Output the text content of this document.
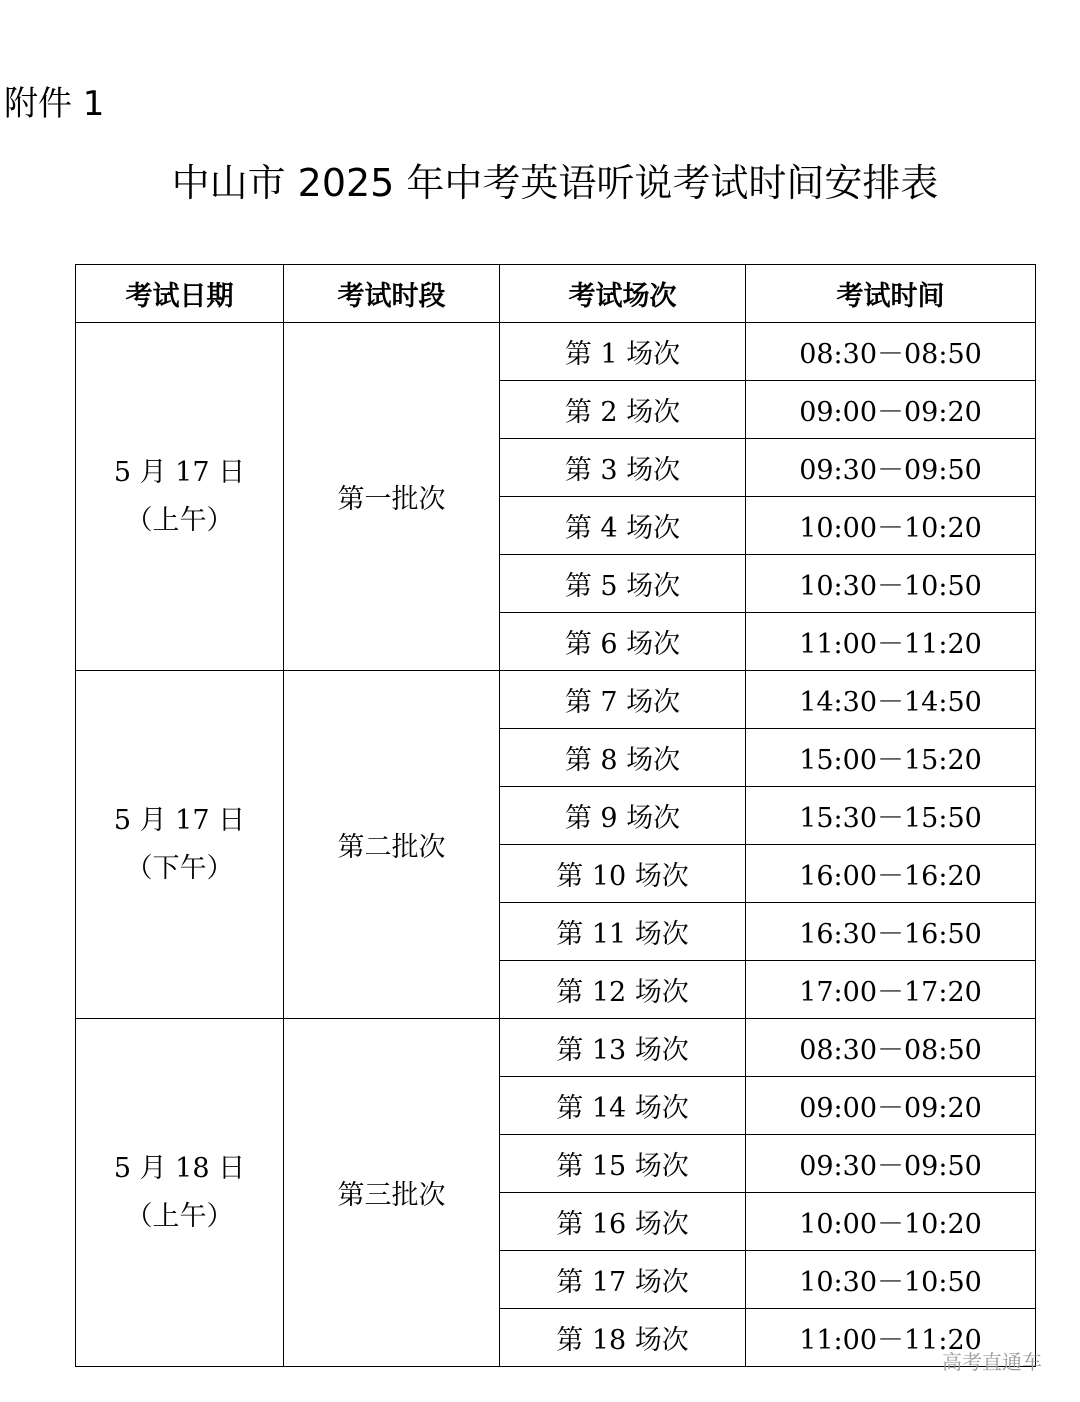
附件 1
中山市 2025 年中考英语听说考试时间安排表
考试日期	考试时段	考试场次	考试时间

5 月 17 日
（上午）	第一批次	第 1 场次	08:30－08:50
		第 2 场次	09:00－09:20
		第 3 场次	09:30－09:50
		第 4 场次	10:00－10:20
		第 5 场次	10:30－10:50
		第 6 场次	11:00－11:20

5 月 17 日
（下午）	第二批次	第 7 场次	14:30－14:50
		第 8 场次	15:00－15:20
		第 9 场次	15:30－15:50
		第 10 场次	16:00－16:20
		第 11 场次	16:30－16:50
		第 12 场次	17:00－17:20

5 月 18 日
（上午）	第三批次	第 13 场次	08:30－08:50
		第 14 场次	09:00－09:20
		第 15 场次	09:30－09:50
		第 16 场次	10:00－10:20
		第 17 场次	10:30－10:50
		第 18 场次	11:00－11:20
高考直通车
